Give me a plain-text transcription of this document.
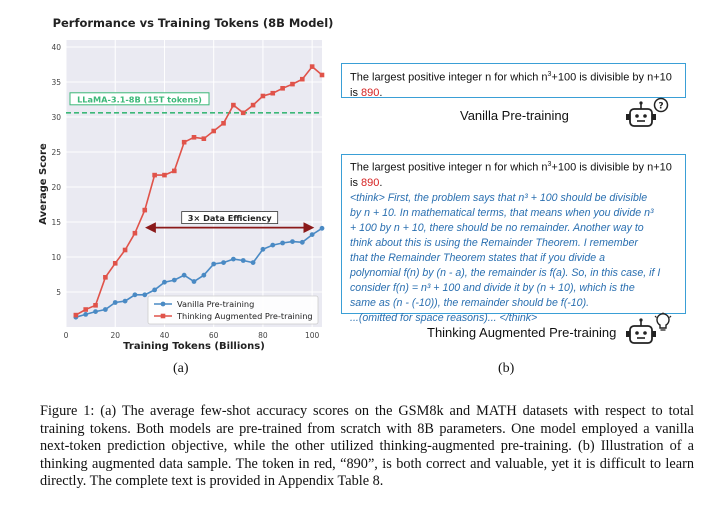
Performance vs Training Tokens (8B Model)
LLaMA-3.1-8B (15T tokens)
5
10
15
20
25
30
35
40
0	20	40	60	80	100
3× Data Efficiency
Training Tokens (Billions)
Average Score
Vanilla Pre-training
Thinking Augmented Pre-training
(a)	(b)
The largest positive integer n for which $n^3+100$ is divisible by n+10 is 890.
Vanilla Pre-training
?
The largest positive integer n for which $n^3+100$ is divisible by n+10 is 890.
<think> First, the problem says that n³ + 100 should be divisible
by n + 10. In mathematical terms, that means when you divide n³
+ 100 by n + 10, there should be no remainder. Another way to
think about this is using the Remainder Theorem. I remember
that the Remainder Theorem states that if you divide a
polynomial f(n) by (n - a), the remainder is f(a). So, in this case, if I
consider f(n) = n³ + 100 and divide it by (n + 10), which is the
same as (n - (-10)), the remainder should be f(-10).
...(omitted for space reasons)... </think>
Thinking Augmented Pre-training
Figure 1: (a) The average few-shot accuracy scores on the GSM8k and MATH datasets with respect to total training tokens. Both models are pre-trained from scratch with 8B parameters. One model employed a vanilla next-token prediction objective, while the other utilized thinking-augmented pre-training. (b) Illustration of a thinking augmented data sample. The token in red, “890”, is both correct and valuable, yet it is difficult to learn directly. The complete text is provided in Appendix Table 8.
